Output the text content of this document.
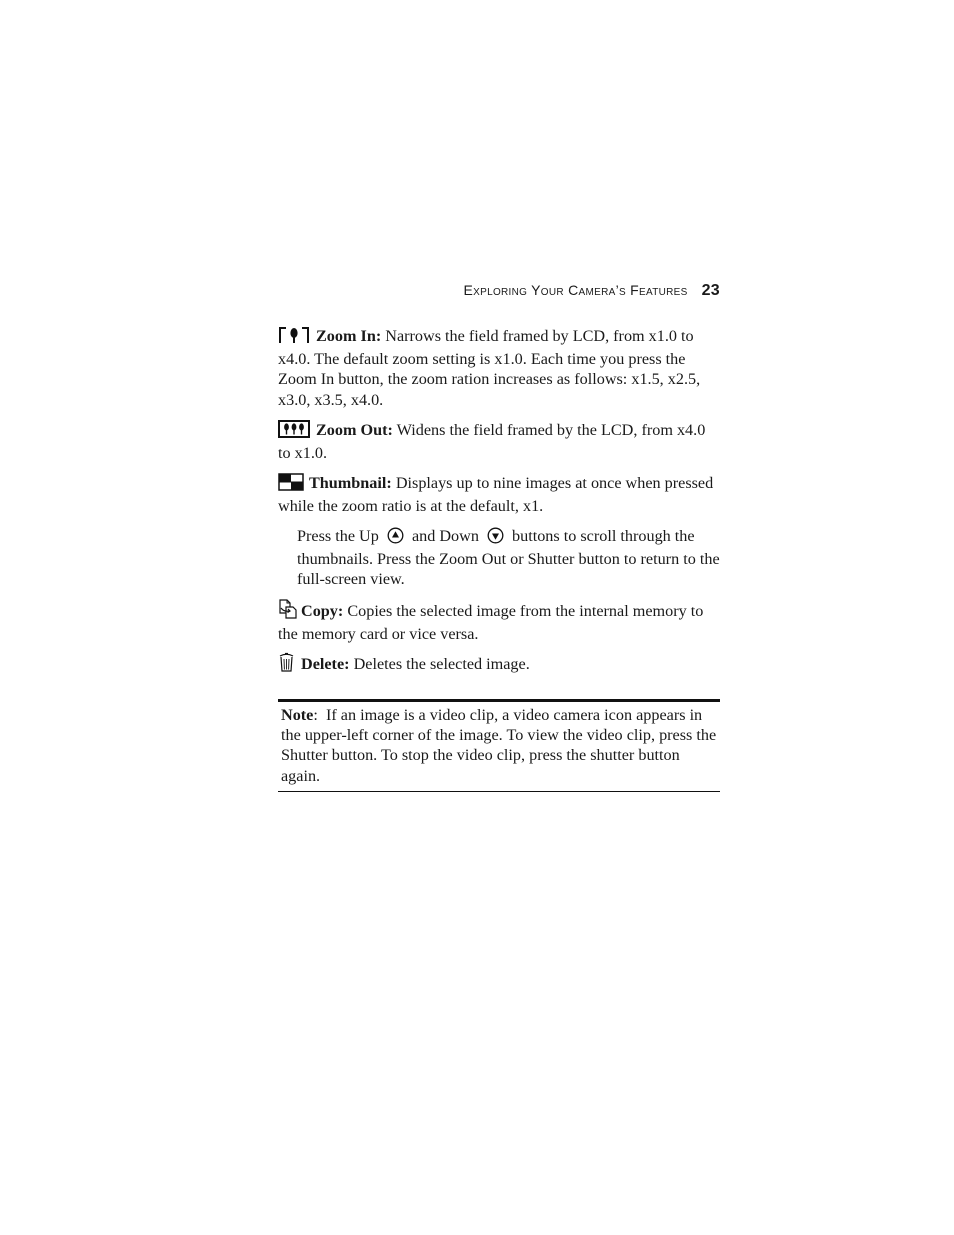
Exploring Your Camera’s Features 23
Zoom In: Narrows the field framed by LCD, from x1.0 to x4.0. The default zoom setting is x1.0. Each time you press the Zoom In button, the zoom ration increases as follows: x1.5, x2.5, x3.0, x3.5, x4.0.
Zoom Out: Widens the field framed by the LCD, from x4.0 to x1.0.
Thumbnail: Displays up to nine images at once when pressed while the zoom ratio is at the default, x1.
Press the Up and Down buttons to scroll through the thumbnails. Press the Zoom Out or Shutter button to return to the full-screen view.
Copy: Copies the selected image from the internal memory to the memory card or vice versa.
Delete: Deletes the selected image.
Note:  If an image is a video clip, a video camera icon appears in the upper-left corner of the image. To view the video clip, press the Shutter button. To stop the video clip, press the shutter button again.
